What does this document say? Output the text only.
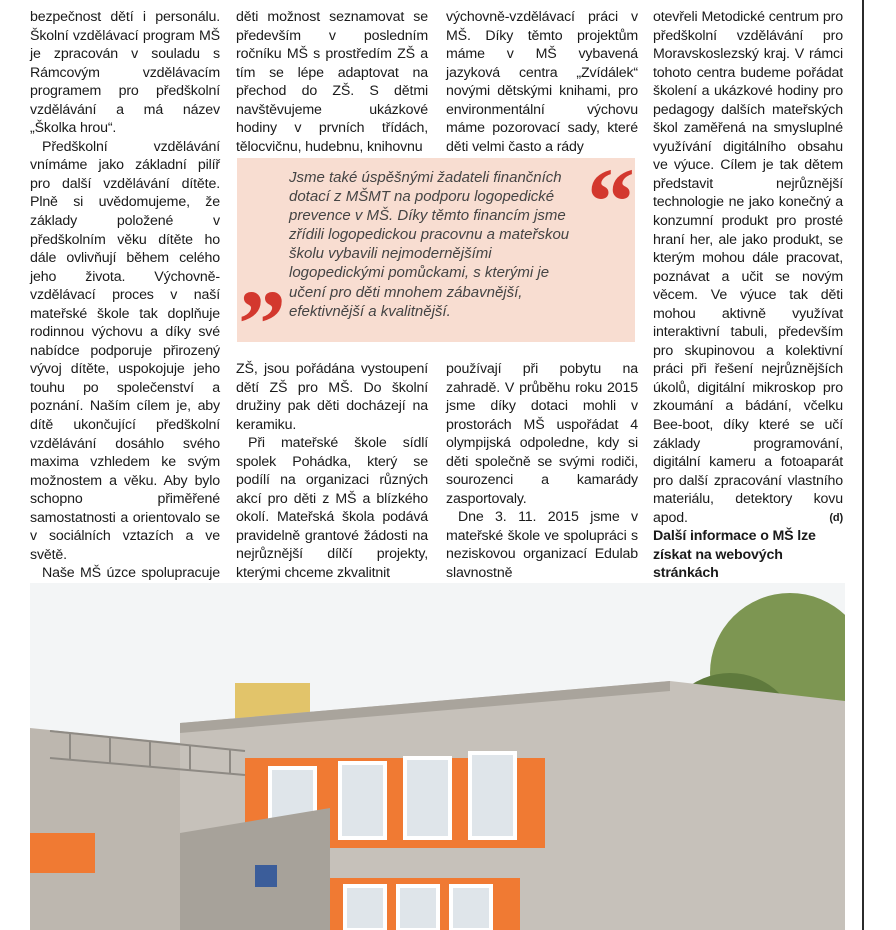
bezpečnost dětí i personálu. Školní vzdělávací program MŠ je zpracován v souladu s Rámcovým vzdělávacím programem pro předškolní vzdělávání a má název „Školka hrou“.

Předškolní vzdělávání vnímáme jako základní pilíř pro další vzdělávání dítěte. Plně si uvědomujeme, že základy položené v předškolním věku dítěte ho dále ovlivňují během celého jeho života. Výchovně-vzdělávací proces v naší mateřské škole tak doplňuje rodinnou výchovu a díky své nabídce podporuje přirozený vývoj dítěte, uspokojuje jeho touhu po společenství a poznání. Naším cílem je, aby dítě ukončující předškolní vzdělávání dosáhlo svého maxima vzhledem ke svým možnostem a věku. Aby bylo schopno přiměřené samostatnosti a orientovalo se v sociálních vztazích a ve světě.

Naše MŠ úzce spolupracuje

děti možnost seznamovat se především v posledním ročníku MŠ s prostředím ZŠ a tím se lépe adaptovat na přechod do ZŠ. S dětmi navštěvujeme ukázkové hodiny v prvních třídách, tělocvičnu, hudebnu, knihovnu

výchovně-vzdělávací práci v MŠ. Díky těmto projektům máme v MŠ vybavená jazyková centra „Zvídálek“ novými dětskými knihami, pro environmentální výchovu máme pozorovací sady, které děti velmi často a rády

“

Jsme také úspěšnými žadateli finančních dotací z MŠMT na podporu logopedické prevence v MŠ. Díky těmto financím jsme zřídili logopedickou pracovnu a mateřskou školu vybavili nejmodernějšími logopedickými pomůckami, s kterými je učení pro děti mnohem zábavnější, efektivnější a kvalitnější.

”

ZŠ, jsou pořádána vystoupení dětí ZŠ pro MŠ. Do školní družiny pak děti docházejí na keramiku.

Při mateřské škole sídlí spolek Pohádka, který se podílí na organizaci různých akcí pro děti z MŠ a blízkého okolí. Mateřská škola podává pravidelně grantové žádosti na nejrůznější dílčí projekty, kterými chceme zkvalitnit

používají při pobytu na zahradě. V průběhu roku 2015 jsme díky dotaci mohli v prostorách MŠ uspořádat 4 olympijská odpoledne, kdy si děti společně se svými rodiči, sourozenci a kamarády zasportovaly.

Dne 3. 11. 2015 jsme v mateřské škole ve spolupráci s neziskovou organizací Edulab slavnostně

otevřeli Metodické centrum pro předškolní vzdělávání pro Moravskoslezský kraj. V rámci tohoto centra budeme pořádat školení a ukázkové hodiny pro pedagogy dalších mateřských škol zaměřená na smysluplné využívání digitálního obsahu ve výuce. Cílem je tak dětem představit nejrůznější technologie ne jako konečný a konzumní produkt pro prosté hraní her, ale jako produkt, se kterým mohou dále pracovat, poznávat a učit se novým věcem. Ve výuce tak děti mohou aktivně využívat interaktivní tabuli, především pro skupinovou a kolektivní práci při řešení nejrůznějších úkolů, digitální mikroskop pro zkoumání a bádání, včelku Bee-boot, díky které se učí základy programování, digitální kameru a fotoaparát pro další zpracování vlastního materiálu, detektory kovu apod.	(d)

Další informace o MŠ lze získat na webových stránkách
